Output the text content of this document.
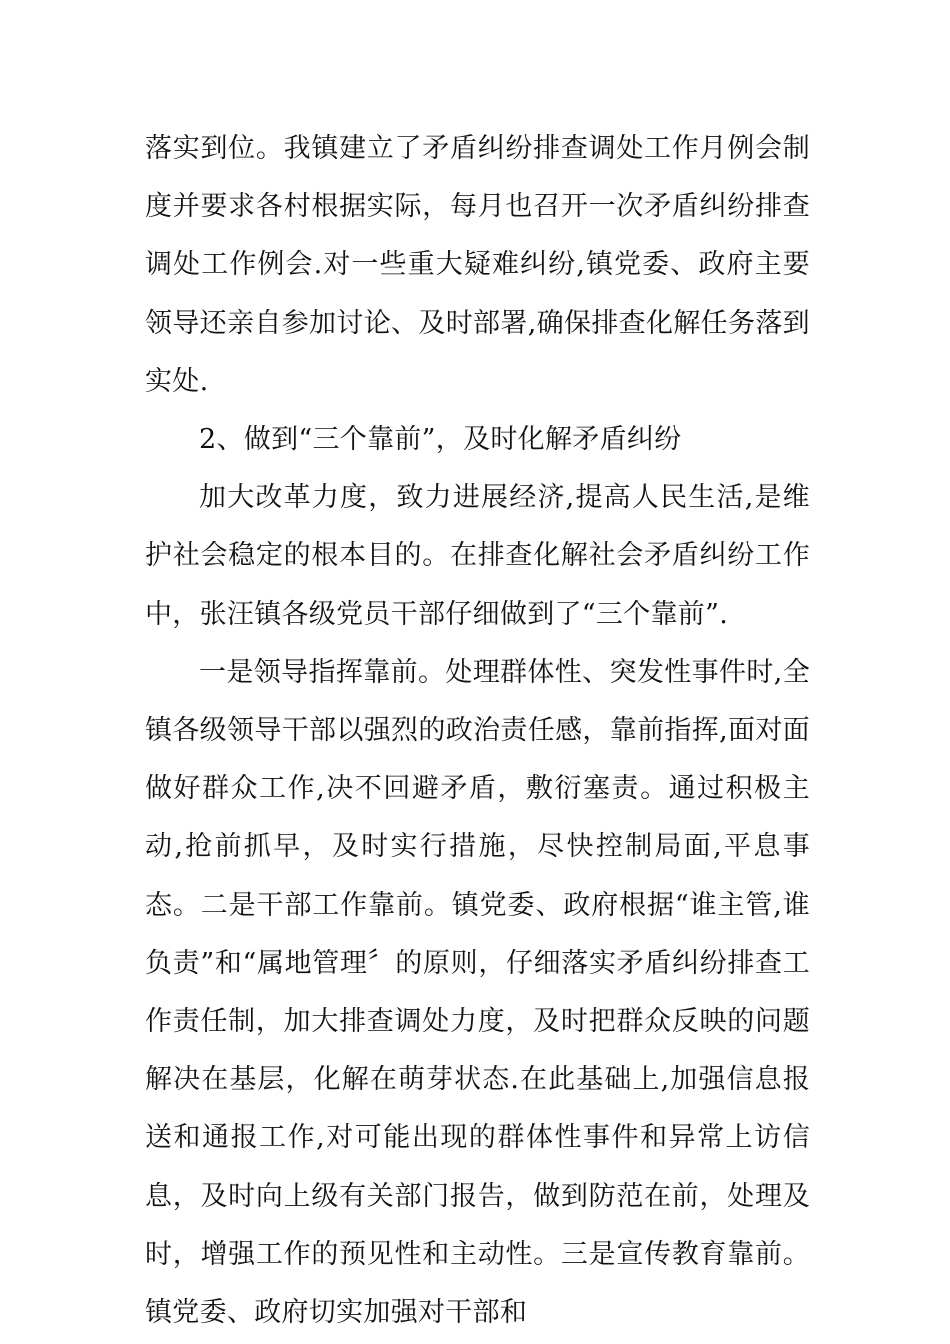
落实到位。我镇建立了矛盾纠纷排查调处工作月例会制度并要求各村根据实际，每月也召开一次矛盾纠纷排查调处工作例会.对一些重大疑难纠纷,镇党委、政府主要领导还亲自参加讨论、及时部署,确保排查化解任务落到实处.

2、做到“三个靠前”，及时化解矛盾纠纷

加大改革力度，致力进展经济,提高人民生活,是维护社会稳定的根本目的。在排查化解社会矛盾纠纷工作中，张汪镇各级党员干部仔细做到了“三个靠前”.

一是领导指挥靠前。处理群体性、突发性事件时,全镇各级领导干部以强烈的政治责任感，靠前指挥,面对面做好群众工作,决不回避矛盾，敷衍塞责。通过积极主动,抢前抓早，及时实行措施，尽快控制局面,平息事态。二是干部工作靠前。镇党委、政府根据“谁主管,谁负责”和“属地管理〞的原则，仔细落实矛盾纠纷排查工作责任制，加大排查调处力度，及时把群众反映的问题解决在基层，化解在萌芽状态.在此基础上,加强信息报送和通报工作,对可能出现的群体性事件和异常上访信息，及时向上级有关部门报告，做到防范在前，处理及时，增强工作的预见性和主动性。三是宣传教育靠前。镇党委、政府切实加强对干部和
